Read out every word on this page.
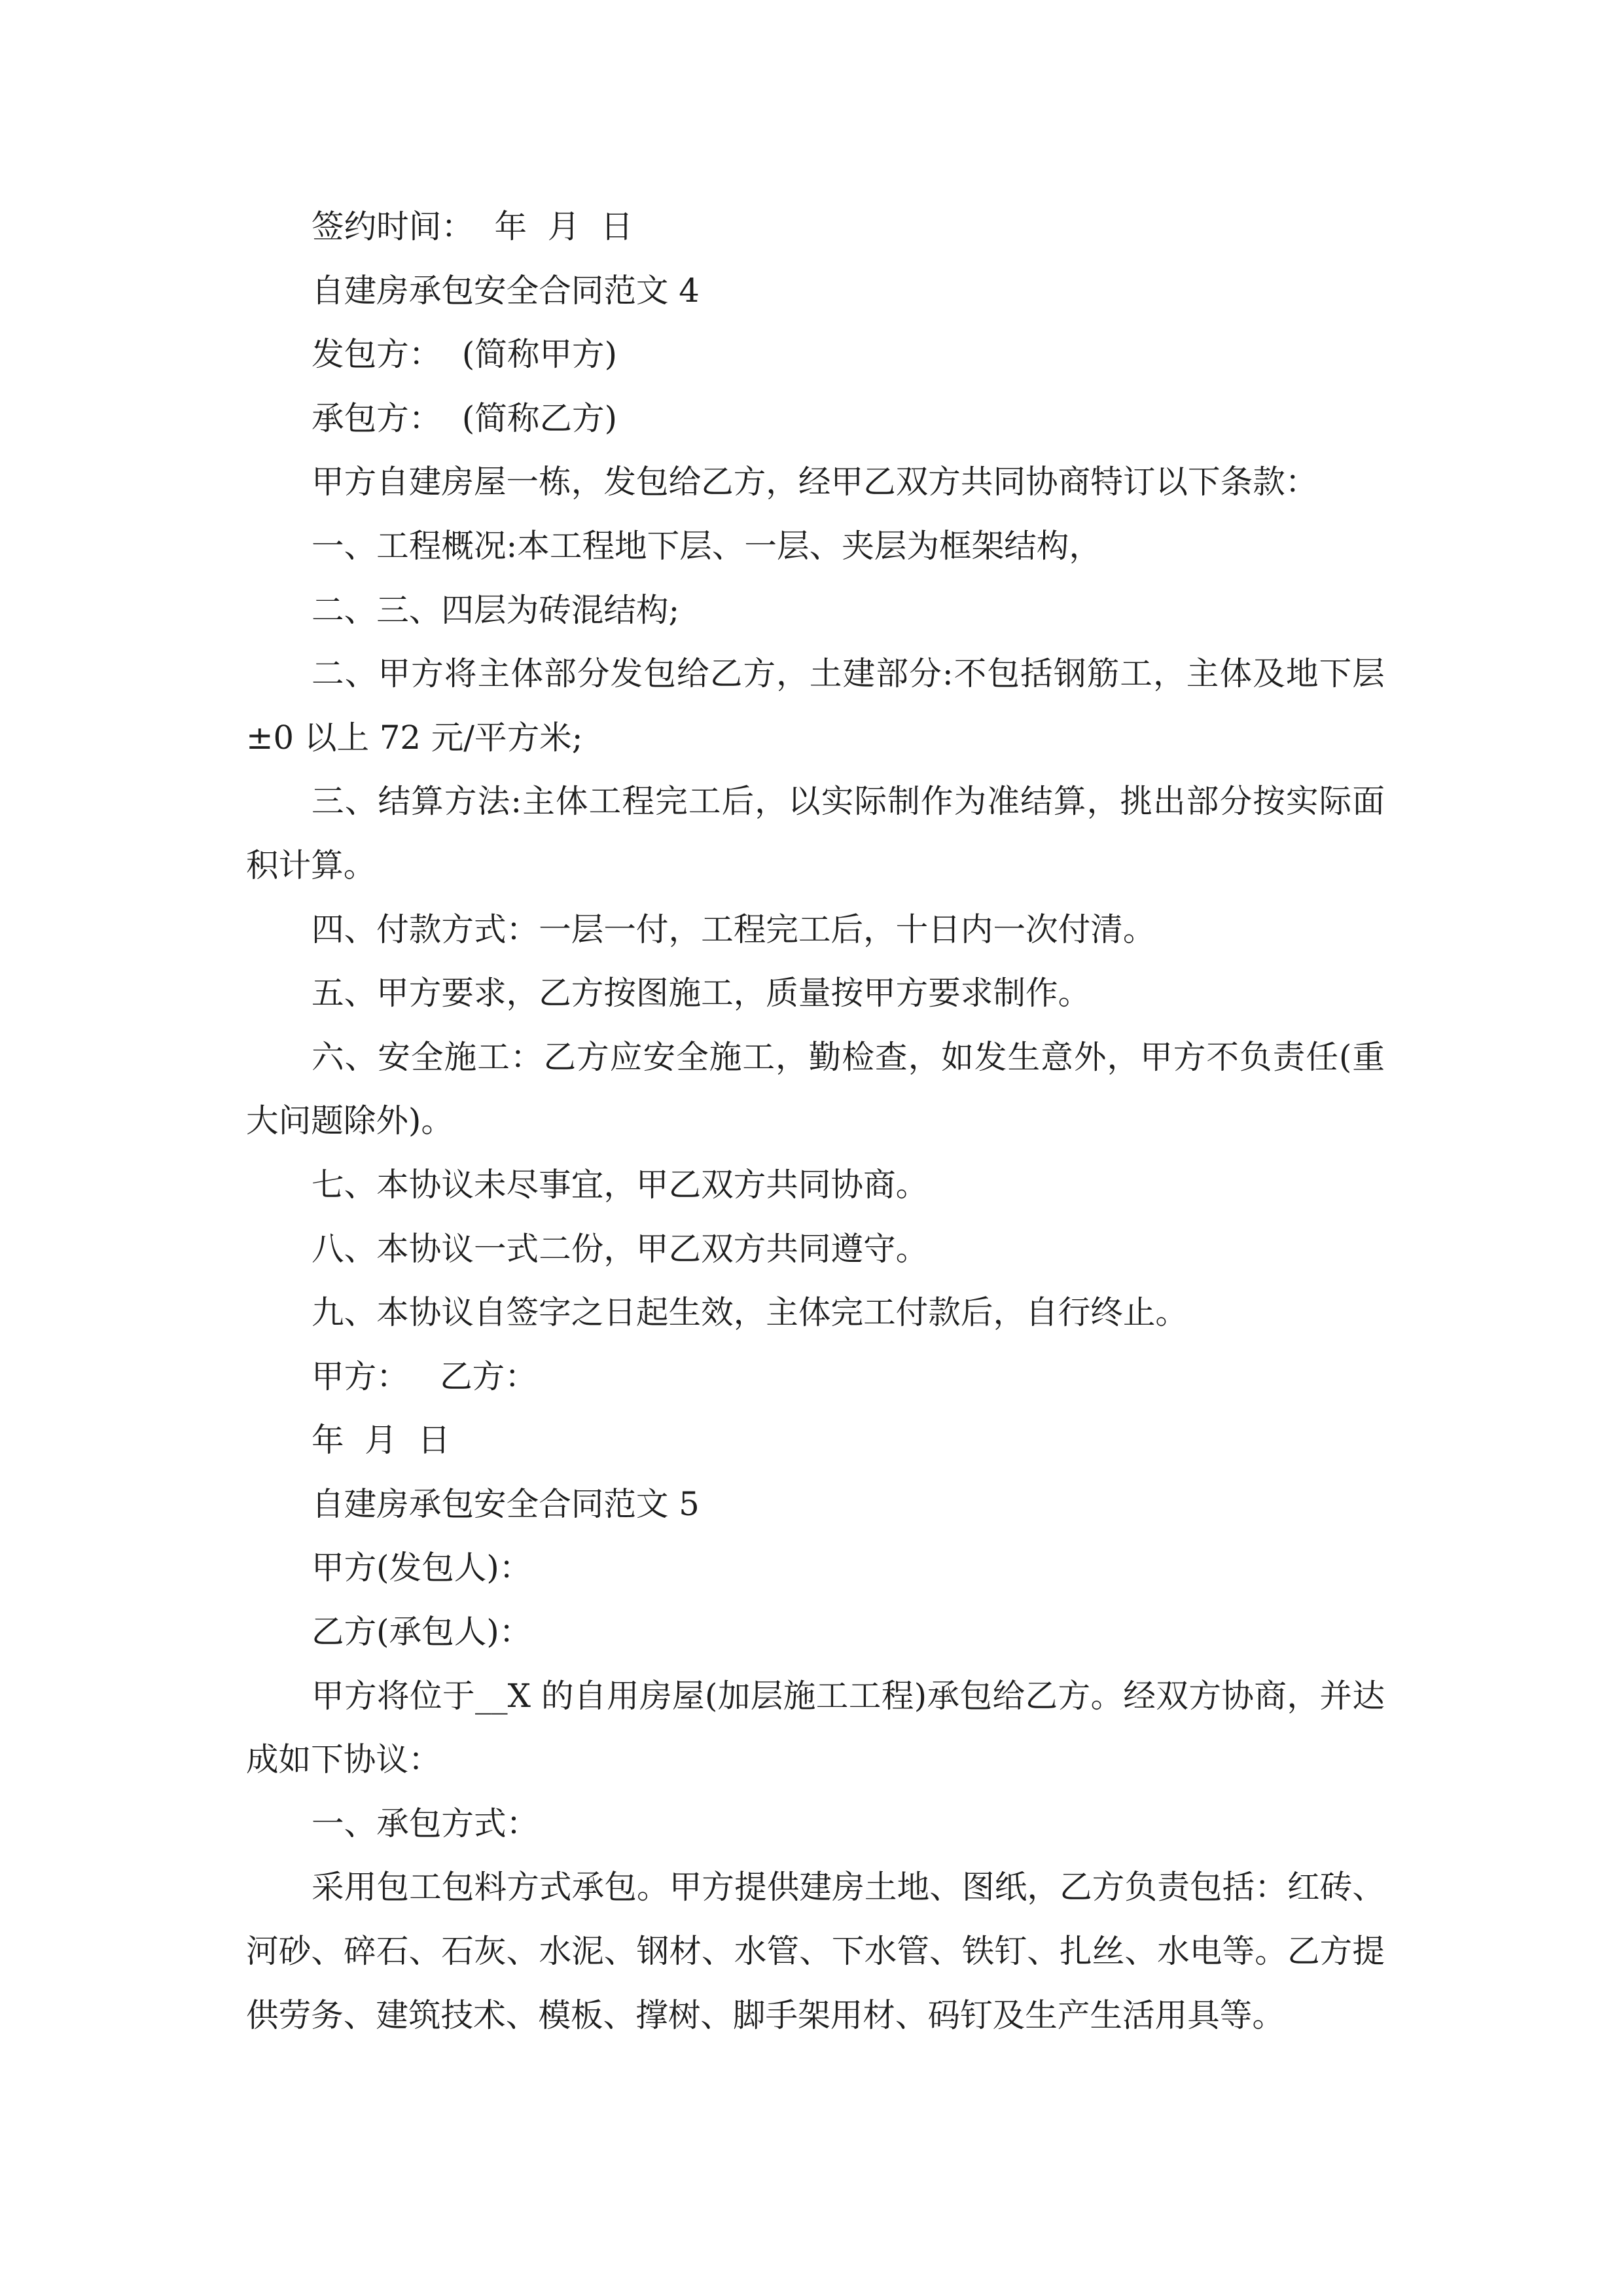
签约时间：  年  月  日
自建房承包安全合同范文 4
发包方：  (简称甲方)
承包方：  (简称乙方)
甲方自建房屋一栋，发包给乙方，经甲乙双方共同协商特订以下条款：
一、工程概况:本工程地下层、一层、夹层为框架结构，
二、三、四层为砖混结构;
二、甲方将主体部分发包给乙方，土建部分:不包括钢筋工，主体及地下层
±0 以上 72 元/平方米;
三、结算方法:主体工程完工后，以实际制作为准结算，挑出部分按实际面
积计算。
四、付款方式：一层一付，工程完工后，十日内一次付清。
五、甲方要求，乙方按图施工，质量按甲方要求制作。
六、安全施工：乙方应安全施工，勤检查，如发生意外，甲方不负责任(重
大问题除外)。
七、本协议未尽事宜，甲乙双方共同协商。
八、本协议一式二份，甲乙双方共同遵守。
九、本协议自签字之日起生效，主体完工付款后，自行终止。
甲方：   乙方：
年  月  日
自建房承包安全合同范文 5
甲方(发包人)：
乙方(承包人)：
甲方将位于__X 的自用房屋(加层施工工程)承包给乙方。经双方协商，并达
成如下协议：
一、承包方式：
采用包工包料方式承包。甲方提供建房土地、图纸，乙方负责包括：红砖、
河砂、碎石、石灰、水泥、钢材、水管、下水管、铁钉、扎丝、水电等。乙方提
供劳务、建筑技术、模板、撑树、脚手架用材、码钉及生产生活用具等。
